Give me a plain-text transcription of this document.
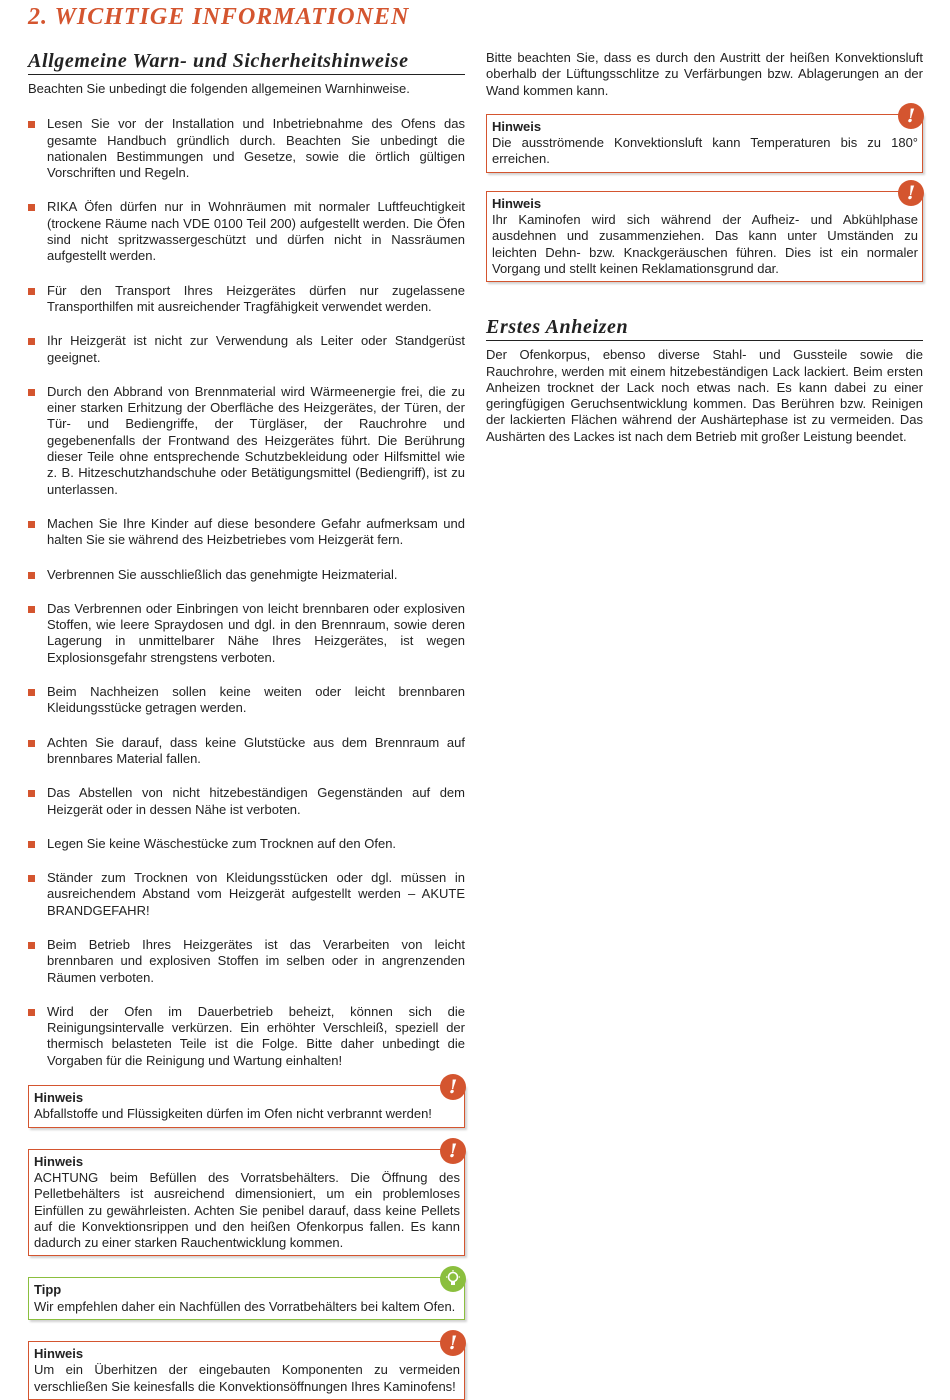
2. WICHTIGE INFORMATIONEN
Allgemeine Warn- und Sicherheitshinweise

Beachten Sie unbedingt die folgenden allgemeinen Warnhinweise.

Lesen Sie vor der Installation und Inbetriebnahme des Ofens das gesamte Handbuch gründlich durch. Beachten Sie unbedingt die nationalen Bestimmungen und Gesetze, sowie die örtlich gültigen Vorschriften und Regeln.
RIKA Öfen dürfen nur in Wohnräumen mit normaler Luftfeuchtigkeit (trockene Räume nach VDE 0100 Teil 200) aufgestellt werden. Die Öfen sind nicht spritzwassergeschützt und dürfen nicht in Nassräumen aufgestellt werden.
Für den Transport Ihres Heizgerätes dürfen nur zugelassene Transporthilfen mit ausreichender Tragfähigkeit verwendet werden.
Ihr Heizgerät ist nicht zur Verwendung als Leiter oder Standgerüst geeignet.
Durch den Abbrand von Brennmaterial wird Wärmeenergie frei, die zu einer starken Erhitzung der Oberfläche des Heizgerätes, der Türen, der Tür- und Bediengriffe, der Türgläser, der Rauchrohre und gegebenenfalls der Frontwand des Heizgerätes führt. Die Berührung dieser Teile ohne entsprechende Schutzbekleidung oder Hilfsmittel wie z. B. Hitzeschutzhandschuhe oder Betätigungsmittel (Bediengriff), ist zu unterlassen.
Machen Sie Ihre Kinder auf diese besondere Gefahr aufmerksam und halten Sie sie während des Heizbetriebes vom Heizgerät fern.
Verbrennen Sie ausschließlich das genehmigte Heizmaterial.
Das Verbrennen oder Einbringen von leicht brennbaren oder explosiven Stoffen, wie leere Spraydosen und dgl. in den Brennraum, sowie deren Lagerung in unmittelbarer Nähe Ihres Heizgerätes, ist wegen Explosionsgefahr strengstens verboten.
Beim Nachheizen sollen keine weiten oder leicht brennbaren Kleidungsstücke getragen werden.
Achten Sie darauf, dass keine Glutstücke aus dem Brennraum auf brennbares Material fallen.
Das Abstellen von nicht hitzebeständigen Gegenständen auf dem Heizgerät oder in dessen Nähe ist verboten.
Legen Sie keine Wäschestücke zum Trocknen auf den Ofen.
Ständer zum Trocknen von Kleidungsstücken oder dgl. müssen in ausreichendem Abstand vom Heizgerät aufgestellt werden – AKUTE BRANDGEFAHR!
Beim Betrieb Ihres Heizgerätes ist das Verarbeiten von leicht brennbaren und explosiven Stoffen im selben oder in angrenzenden Räumen verboten.
Wird der Ofen im Dauerbetrieb beheizt, können sich die Reinigungsintervalle verkürzen. Ein erhöhter Verschleiß, speziell der thermisch belasteten Teile ist die Folge. Bitte daher unbedingt die Vorgaben für die Reinigung und Wartung einhalten!
!
Hinweis
Abfallstoffe und Flüssigkeiten dürfen im Ofen nicht verbrannt werden!
!
Hinweis
ACHTUNG beim Befüllen des Vorratsbehälters. Die Öffnung des Pelletbehälters ist ausreichend dimensioniert, um ein problemloses Einfüllen zu gewährleisten. Achten Sie penibel darauf, dass keine Pellets auf die Konvektionsrippen und den heißen Ofenkorpus fallen. Es kann dadurch zu einer starken Rauchentwicklung kommen.
Tipp
Wir empfehlen daher ein Nachfüllen des Vorratbehälters bei kaltem Ofen.
!
Hinweis
Um ein Überhitzen der eingebauten Komponenten zu vermeiden verschließen Sie keinesfalls die Konvektionsöffnungen Ihres Kaminofens!

Bitte beachten Sie, dass es durch den Austritt der heißen Konvektionsluft oberhalb der Lüftungsschlitze zu Verfärbungen bzw. Ablagerungen an der Wand kommen kann.

!
Hinweis
Die ausströmende Konvektionsluft kann Temperaturen bis zu 180° erreichen.
!
Hinweis
Ihr Kaminofen wird sich während der Aufheiz- und Abkühlphase ausdehnen und zusammenziehen. Das kann unter Umständen zu leichten Dehn- bzw. Knackgeräuschen führen. Dies ist ein normaler Vorgang und stellt keinen Reklamationsgrund dar.
Erstes Anheizen

Der Ofenkorpus, ebenso diverse Stahl- und Gussteile sowie die Rauchrohre, werden mit einem hitzebeständigen Lack lackiert. Beim ersten Anheizen trocknet der Lack noch etwas nach. Es kann dabei zu einer geringfügigen Geruchsentwicklung kommen. Das Berühren bzw. Reinigen der lackierten Flächen während der Aushärtephase ist zu vermeiden. Das Aushärten des Lackes ist nach dem Betrieb mit großer Leistung beendet.
